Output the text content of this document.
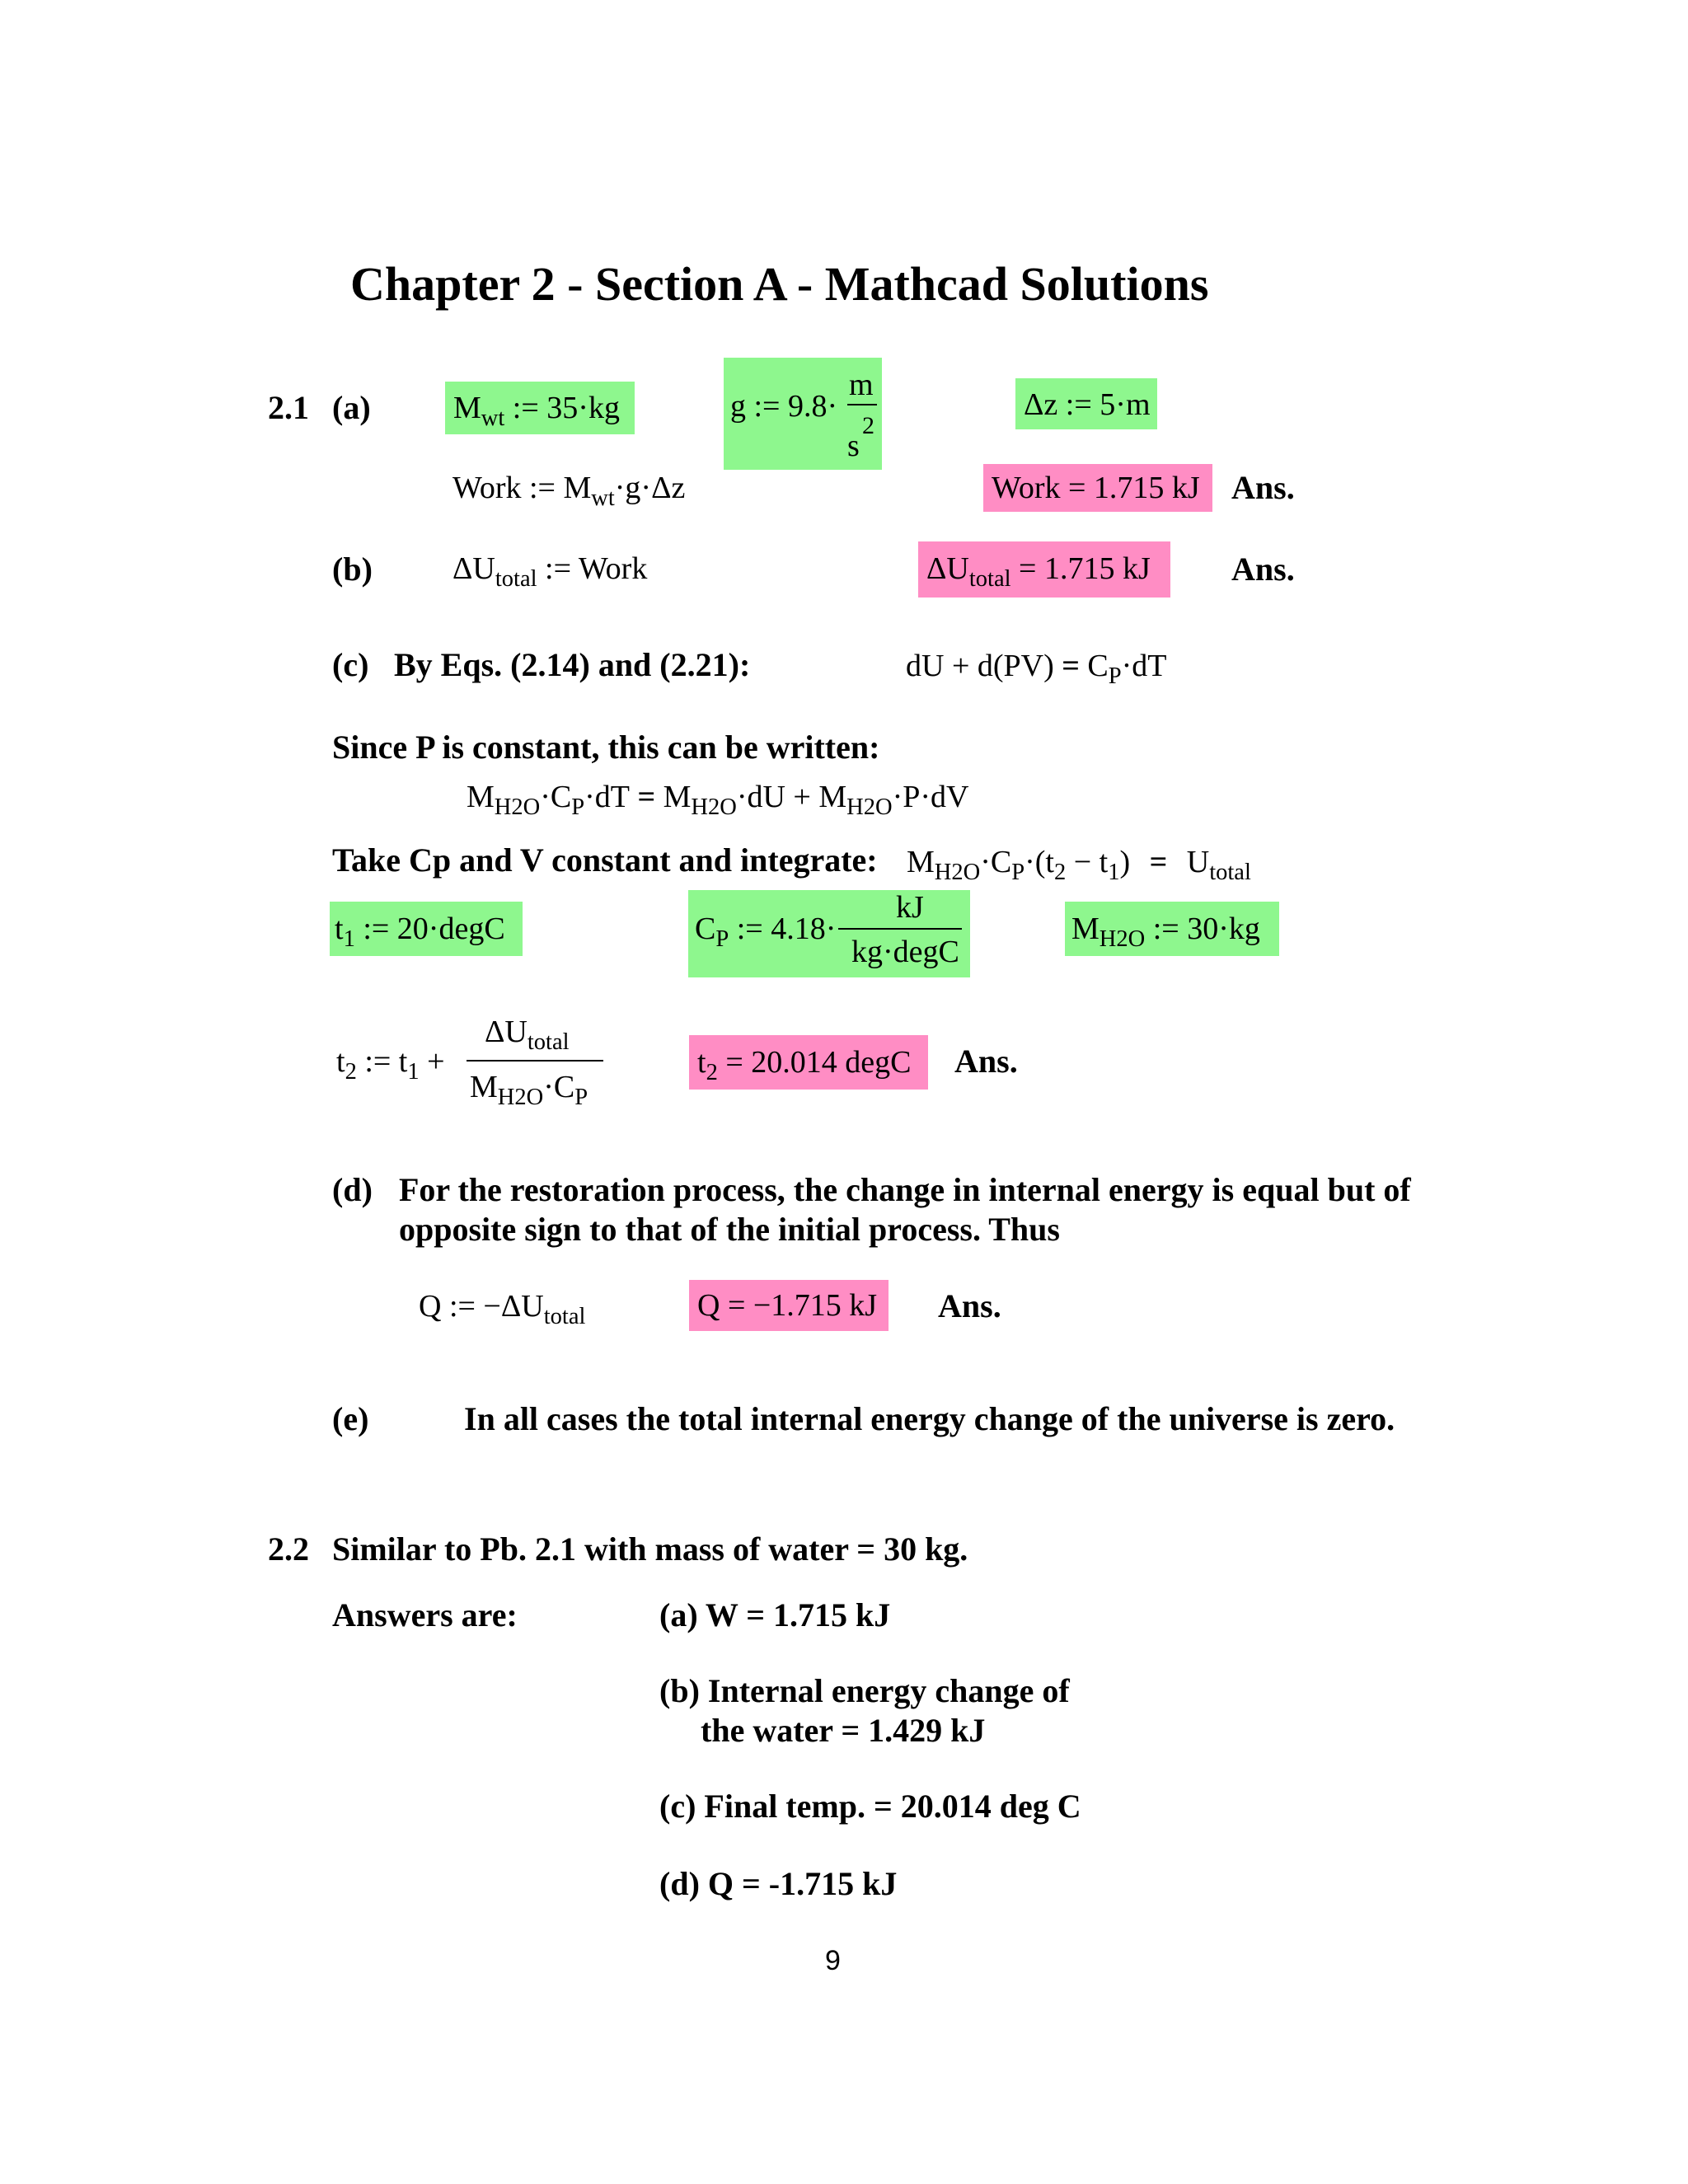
Chapter 2 - Section A - Mathcad Solutions
2.1 (a)	$M_{wt}$ := 35·kg	g := 9.8·
m
s
2
Δz := 5·m
Work := $M_{wt}\cdot g\cdot\Delta z$	Work = 1.715 kJ Ans.
(b)	$\Delta U_{total}$ := Work	$\Delta U_{total} = 1.715$ kJ Ans.
(c) By Eqs. (2.14) and (2.21):	dU + $d(PV) = C_P\cdot dT$
Since P is constant, this can be written:
$M_{H2O}\cdot C_P\cdot dT = M_{H2O}\cdot dU + M_{H2O}\cdot P\cdot dV$
Take Cp and V constant and integrate: $M_{H2O}\cdot C_P\cdot(t_2 - t_1) = U_{total}$
$t_1$ := 20·degC	$C_P$ := 4.18·
kJ
kg·degC
$M_{H2O}$ := 30·kg
$t_2$ := $t_1$ +
$\Delta U_{total}$
$M_{H2O}\cdot C_P$
$t_2 = 20.014$ degC Ans.
(d) For the restoration process, the change in internal energy is equal but of
opposite sign to that of the initial process. Thus
Q := $-\Delta U_{total}$	Q = −1.715 kJ Ans.
(e)	In all cases the total internal energy change of the universe is zero.
2.2 Similar to Pb. 2.1 with mass of water = 30 kg.
Answers are:	(a) W = 1.715 kJ
(b) Internal energy change of
the water = 1.429 kJ
(c) Final temp. = 20.014 deg C
(d) Q = -1.715 kJ
9
